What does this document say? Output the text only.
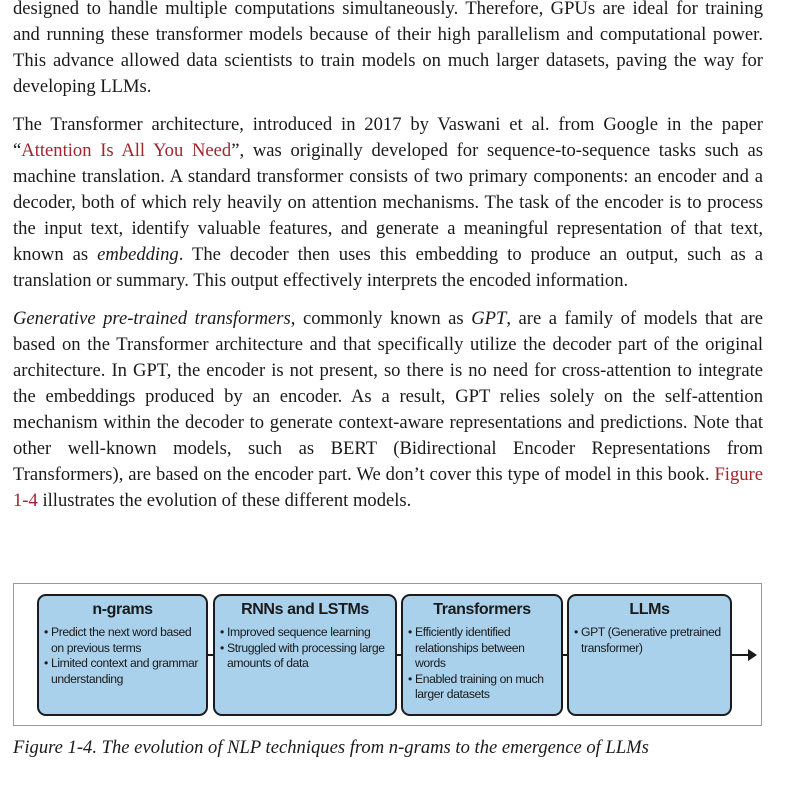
designed to handle multiple computations simultaneously. Therefore, GPUs are ideal for training and running these transformer models because of their high parallelism and computational power. This advance allowed data scientists to train models on much larger datasets, paving the way for developing LLMs.

The Transformer architecture, introduced in 2017 by Vaswani et al. from Google in the paper “Attention Is All You Need”, was originally developed for sequence-to-sequence tasks such as machine translation. A standard transformer consists of two primary components: an encoder and a decoder, both of which rely heavily on attention mechanisms. The task of the encoder is to process the input text, identify valuable features, and generate a meaningful representation of that text, known as embedding. The decoder then uses this embedding to produce an output, such as a translation or summary. This output effectively interprets the encoded information.

Generative pre-trained transformers, commonly known as GPT, are a family of models that are based on the Transformer architecture and that specifically utilize the decoder part of the original architecture. In GPT, the encoder is not present, so there is no need for cross-attention to integrate the embeddings produced by an encoder. As a result, GPT relies solely on the self-attention mechanism within the decoder to generate context-aware representations and predictions. Note that other well-known models, such as BERT (Bidirectional Encoder Representations from Transformers), are based on the encoder part. We don’t cover this type of model in this book. Figure 1-4 illustrates the evolution of these different models.

n-grams
• Predict the next word based on previous terms
• Limited context and grammar understanding
RNNs and LSTMs
• Improved sequence learning
• Struggled with processing large amounts of data
Transformers
• Efficiently identified relationships between words
• Enabled training on much larger datasets
LLMs
• GPT (Generative pretrained transformer)
Figure 1-4. The evolution of NLP techniques from n-grams to the emergence of LLMs
